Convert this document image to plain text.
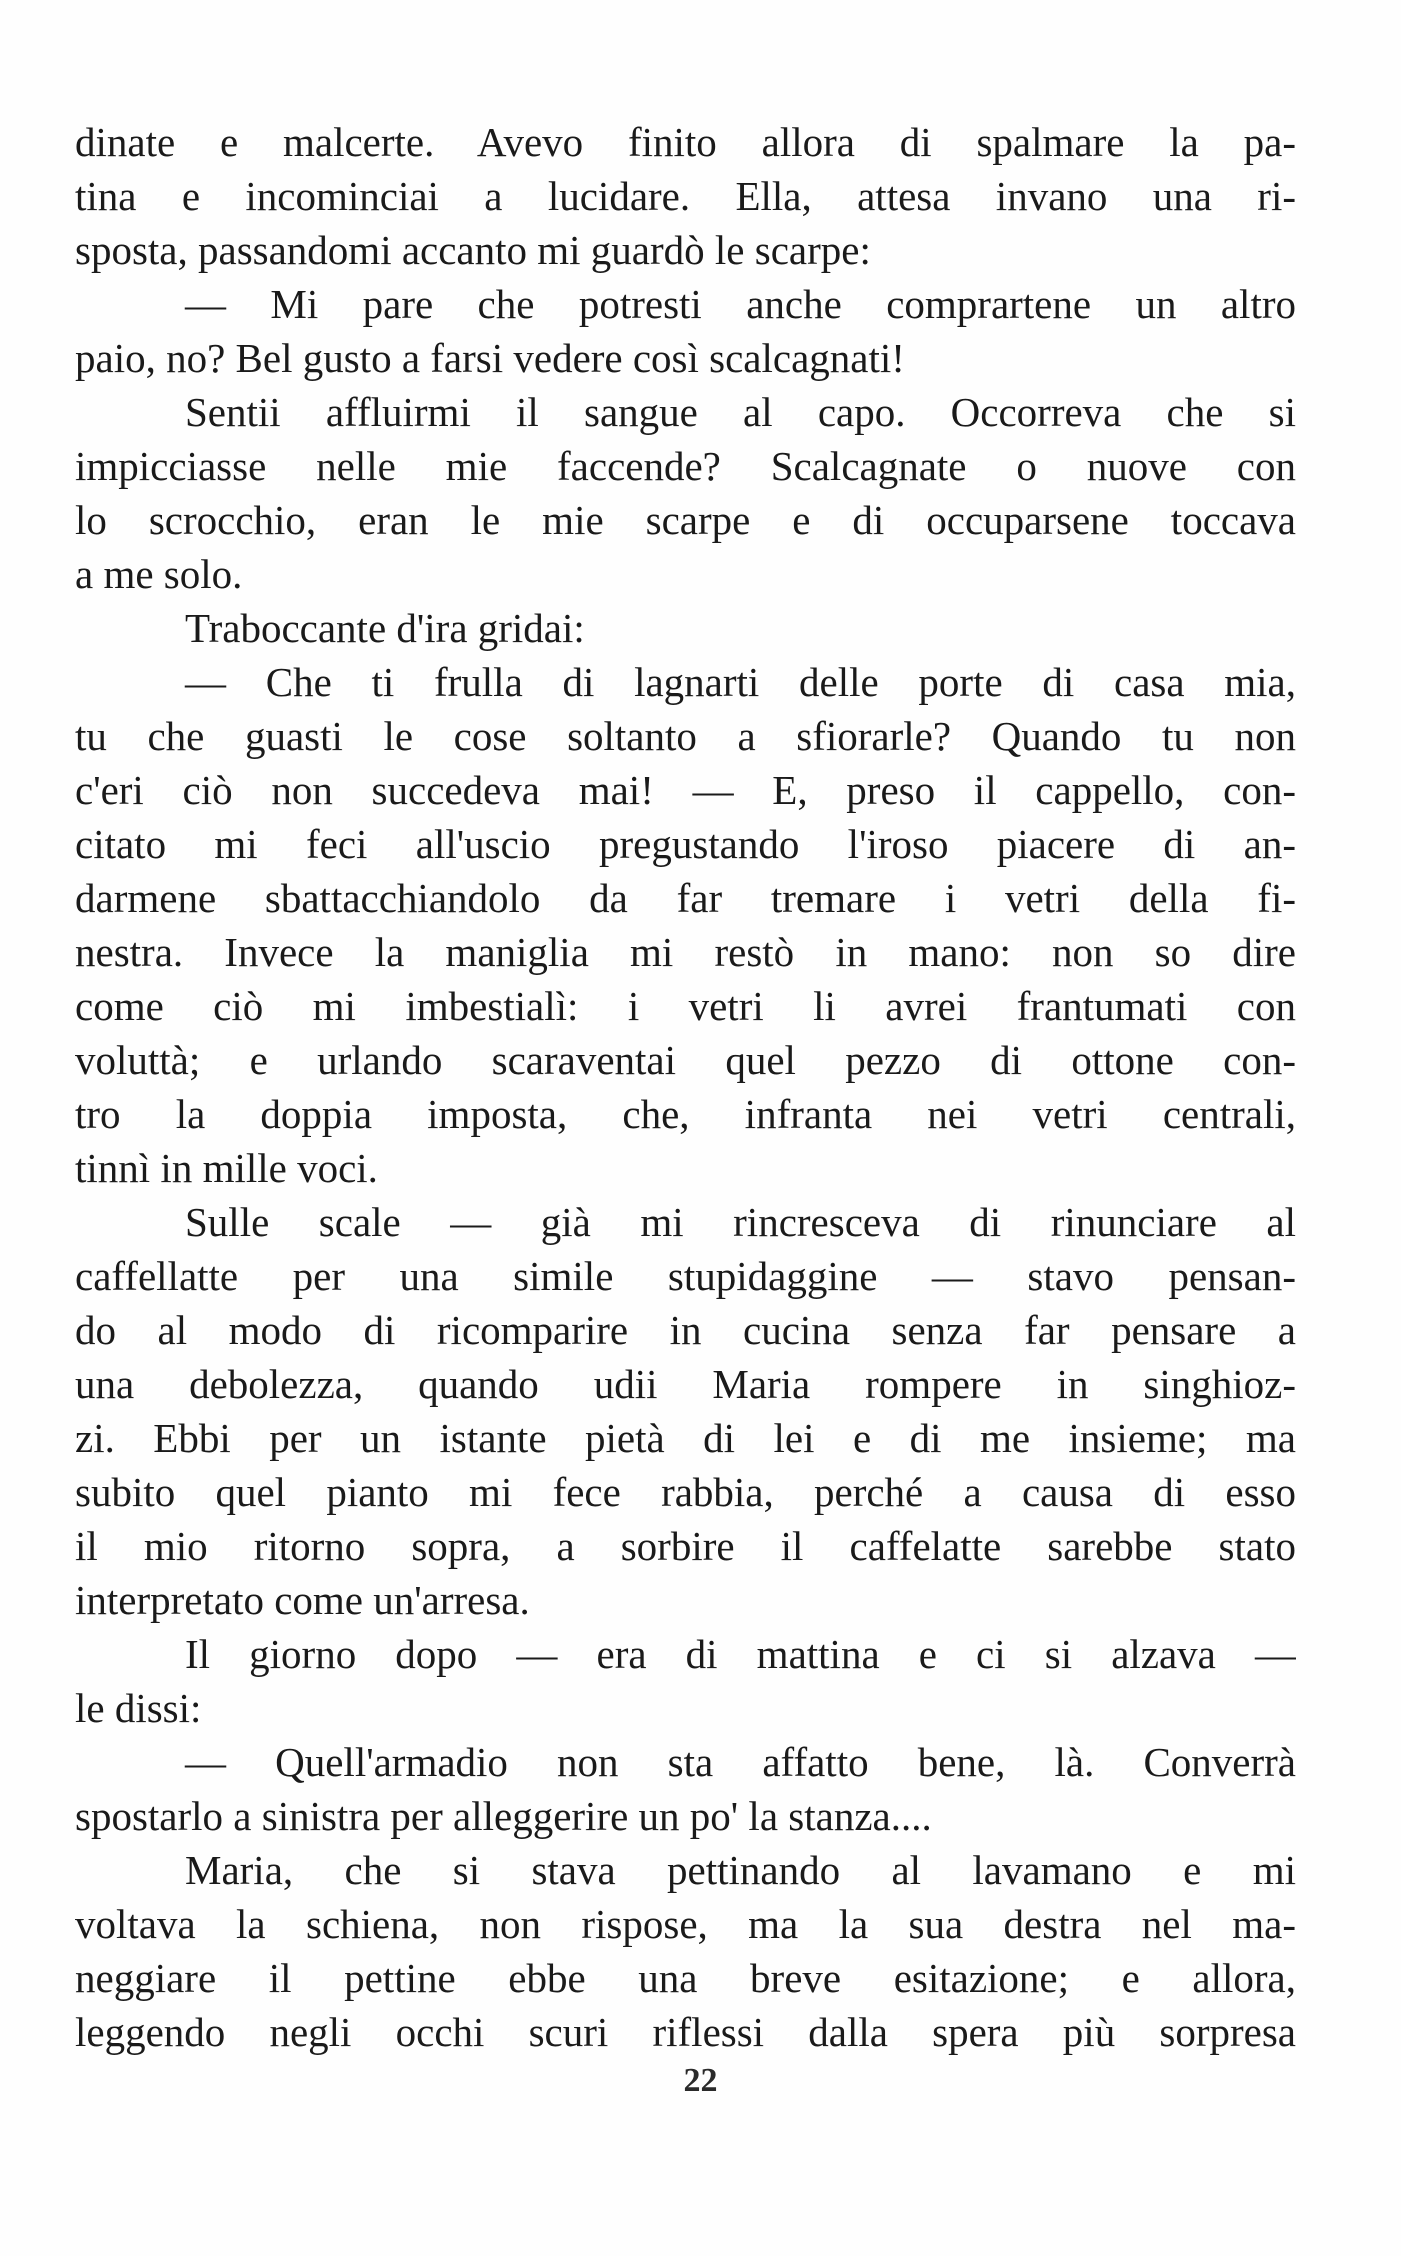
dinate e malcerte. Avevo finito allora di spalmare la pa-
tina e incominciai a lucidare. Ella, attesa invano una ri-
sposta, passandomi accanto mi guardò le scarpe:
— Mi pare che potresti anche comprartene un altro
paio, no? Bel gusto a farsi vedere così scalcagnati!
Sentii affluirmi il sangue al capo. Occorreva che si
impicciasse nelle mie faccende? Scalcagnate o nuove con
lo scrocchio, eran le mie scarpe e di occuparsene toccava
a me solo.
Traboccante d'ira gridai:
— Che ti frulla di lagnarti delle porte di casa mia,
tu che guasti le cose soltanto a sfiorarle? Quando tu non
c'eri ciò non succedeva mai! — E, preso il cappello, con-
citato mi feci all'uscio pregustando l'iroso piacere di an-
darmene sbattacchiandolo da far tremare i vetri della fi-
nestra. Invece la maniglia mi restò in mano: non so dire
come ciò mi imbestialì: i vetri li avrei frantumati con
voluttà; e urlando scaraventai quel pezzo di ottone con-
tro la doppia imposta, che, infranta nei vetri centrali,
tinnì in mille voci.
Sulle scale — già mi rincresceva di rinunciare al
caffellatte per una simile stupidaggine — stavo pensan-
do al modo di ricomparire in cucina senza far pensare a
una debolezza, quando udii Maria rompere in singhioz-
zi. Ebbi per un istante pietà di lei e di me insieme; ma
subito quel pianto mi fece rabbia, perché a causa di esso
il mio ritorno sopra, a sorbire il caffelatte sarebbe stato
interpretato come un'arresa.
Il giorno dopo — era di mattina e ci si alzava —
le dissi:
— Quell'armadio non sta affatto bene, là. Converrà
spostarlo a sinistra per alleggerire un po' la stanza....
Maria, che si stava pettinando al lavamano e mi
voltava la schiena, non rispose, ma la sua destra nel ma-
neggiare il pettine ebbe una breve esitazione; e allora,
leggendo negli occhi scuri riflessi dalla spera più sorpresa
22
